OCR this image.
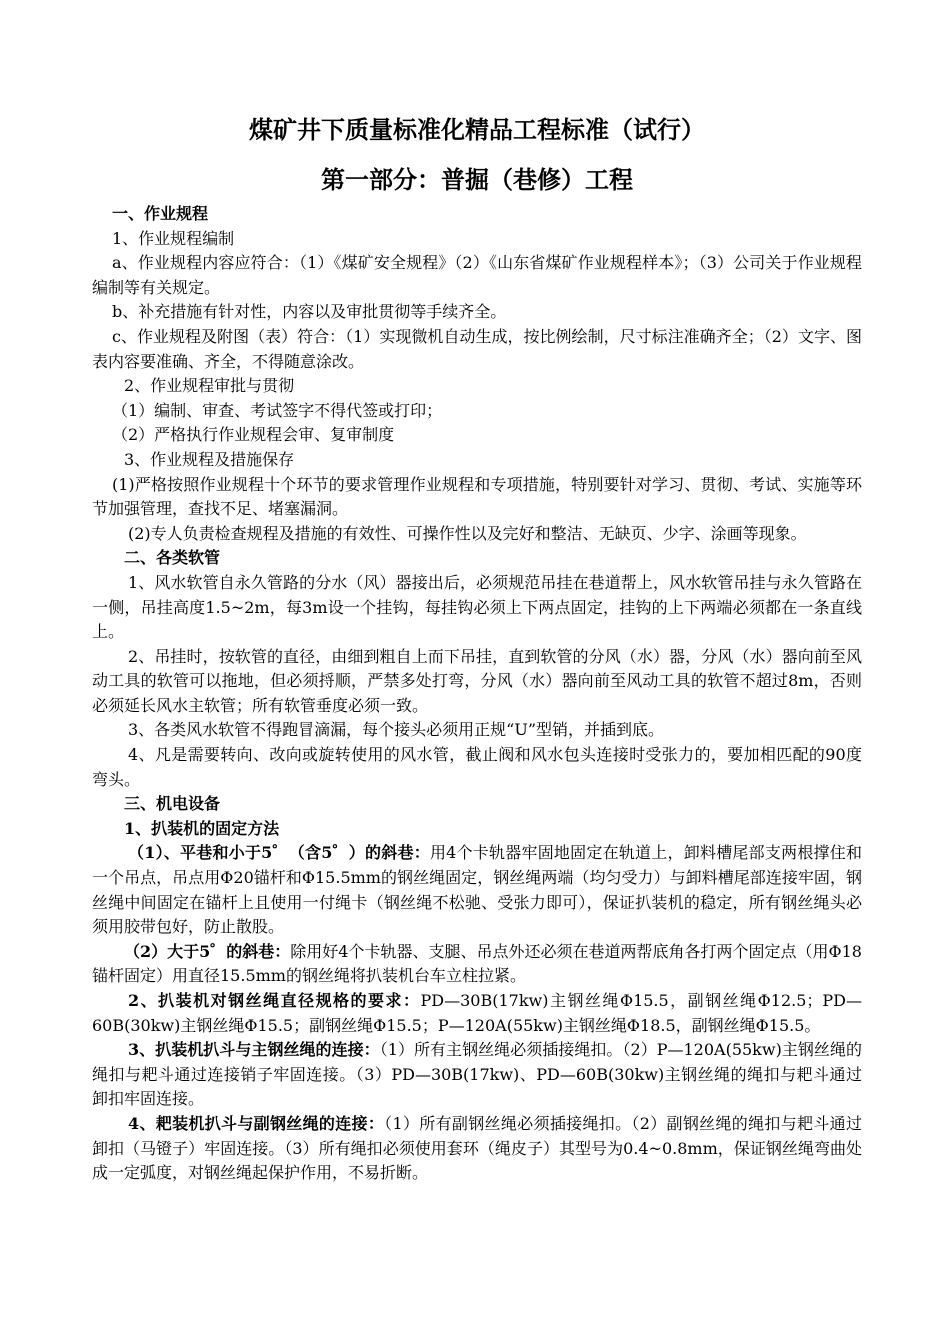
煤矿井下质量标准化精品工程标准（试行）
第一部分：普掘（巷修）工程

一、作业规程

1、作业规程编制

a、作业规程内容应符合：（1）《煤矿安全规程》（2）《山东省煤矿作业规程样本》；（3）公司关于作业规程编制等有关规定。

b、补充措施有针对性，内容以及审批贯彻等手续齐全。

c、作业规程及附图（表）符合：（1）实现微机自动生成，按比例绘制，尺寸标注准确齐全；（2）文字、图表内容要准确、齐全，不得随意涂改。

2、作业规程审批与贯彻

（1）编制、审查、考试签字不得代签或打印；

（2）严格执行作业规程会审、复审制度

3、作业规程及措施保存

(1)严格按照作业规程十个环节的要求管理作业规程和专项措施，特别要针对学习、贯彻、考试、实施等环节加强管理，查找不足、堵塞漏洞。

(2)专人负责检查规程及措施的有效性、可操作性以及完好和整洁、无缺页、少字、涂画等现象。

二、各类软管

1、风水软管自永久管路的分水（风）器接出后，必须规范吊挂在巷道帮上，风水软管吊挂与永久管路在一侧，吊挂高度1.5~2m，每3m设一个挂钩，每挂钩必须上下两点固定，挂钩的上下两端必须都在一条直线上。

2、吊挂时，按软管的直径，由细到粗自上而下吊挂，直到软管的分风（水）器，分风（水）器向前至风动工具的软管可以拖地，但必须捋顺，严禁多处打弯，分风（水）器向前至风动工具的软管不超过8m，否则必须延长风水主软管；所有软管垂度必须一致。

3、各类风水软管不得跑冒滴漏，每个接头必须用正规“U”型销，并插到底。

4、凡是需要转向、改向或旋转使用的风水管，截止阀和风水包头连接时受张力的，要加相匹配的90度弯头。

三、机电设备

1、扒装机的固定方法

（1）、平巷和小于5゜（含5゜）的斜巷：用4个卡轨器牢固地固定在轨道上，卸料槽尾部支两根撑住和一个吊点，吊点用Φ20锚杆和Φ15.5mm的钢丝绳固定，钢丝绳两端（均匀受力）与卸料槽尾部连接牢固，钢丝绳中间固定在锚杆上且使用一付绳卡（钢丝绳不松驰、受张力即可），保证扒装机的稳定，所有钢丝绳头必须用胶带包好，防止散股。

（2）大于5゜的斜巷：除用好4个卡轨器、支腿、吊点外还必须在巷道两帮底角各打两个固定点（用Φ18锚杆固定）用直径15.5mm的钢丝绳将扒装机台车立柱拉紧。

2、扒装机对钢丝绳直径规格的要求：PD—30B(17kw)主钢丝绳Φ15.5，副钢丝绳Φ12.5；PD—60B(30kw)主钢丝绳Φ15.5；副钢丝绳Φ15.5；P—120A(55kw)主钢丝绳Φ18.5，副钢丝绳Φ15.5。

3、扒装机扒斗与主钢丝绳的连接：（1）所有主钢丝绳必须插接绳扣。（2）P—120A(55kw)主钢丝绳的绳扣与耙斗通过连接销子牢固连接。（3）PD—30B(17kw)、PD—60B(30kw)主钢丝绳的绳扣与耙斗通过卸扣牢固连接。

4、耙装机扒斗与副钢丝绳的连接：（1）所有副钢丝绳必须插接绳扣。（2）副钢丝绳的绳扣与耙斗通过卸扣（马镫子）牢固连接。（3）所有绳扣必须使用套环（绳皮子）其型号为0.4~0.8mm，保证钢丝绳弯曲处成一定弧度，对钢丝绳起保护作用，不易折断。
